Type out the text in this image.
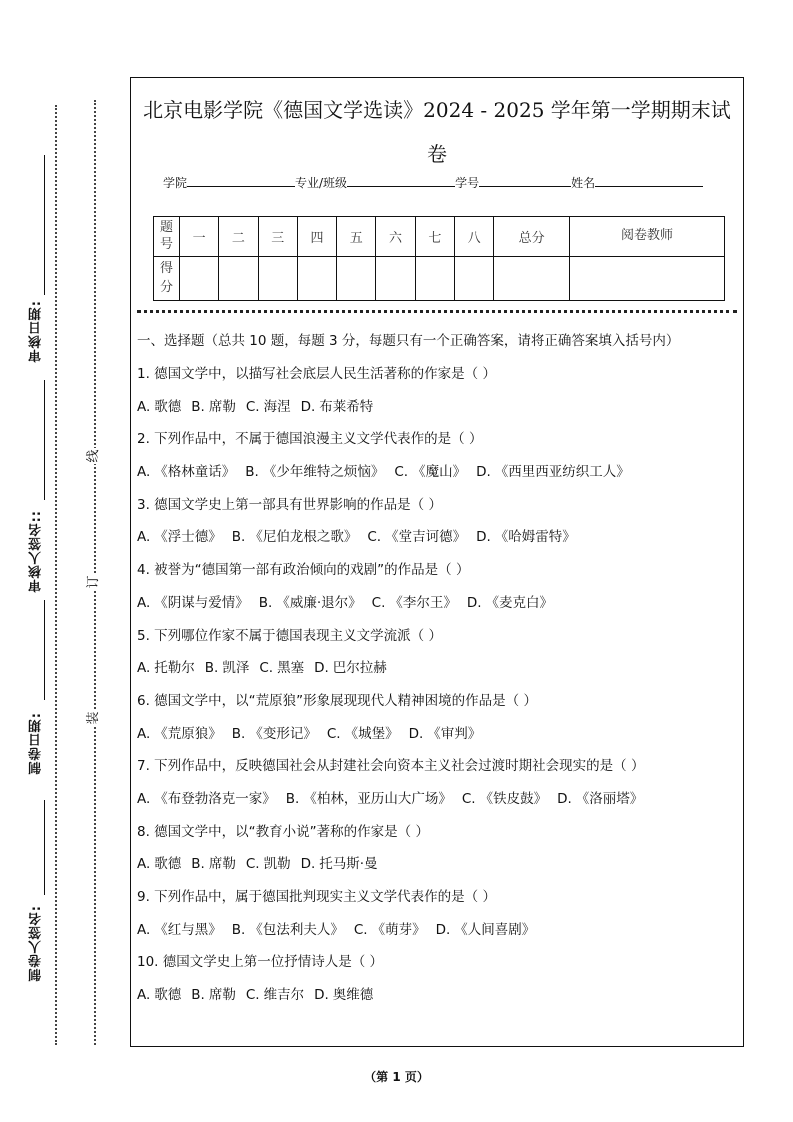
审核日期:
审核人签名::
制卷日期:
制卷人签名:
线
订
装
北京电影学院《德国文学选读》2024 - 2025 学年第一学期期末试卷
学院	专业/班级	学号	姓名
题号	一	二	三	四	五	六	七	八	总分	阅卷教师
得分										
一、选择题（总共 10 题，每题 3 分，每题只有一个正确答案，请将正确答案填入括号内）
1. 德国文学中，以描写社会底层人民生活著称的作家是（ ）
A. 歌德 B. 席勒 C. 海涅 D. 布莱希特
2. 下列作品中，不属于德国浪漫主义文学代表作的是（ ）
A. 《格林童话》 B. 《少年维特之烦恼》 C. 《魔山》 D. 《西里西亚纺织工人》
3. 德国文学史上第一部具有世界影响的作品是（ ）
A. 《浮士德》 B. 《尼伯龙根之歌》 C. 《堂吉诃德》 D. 《哈姆雷特》
4. 被誉为“德国第一部有政治倾向的戏剧”的作品是（ ）
A. 《阴谋与爱情》 B. 《威廉·退尔》 C. 《李尔王》 D. 《麦克白》
5. 下列哪位作家不属于德国表现主义文学流派（ ）
A. 托勒尔 B. 凯泽 C. 黑塞 D. 巴尔拉赫
6. 德国文学中，以“荒原狼”形象展现现代人精神困境的作品是（ ）
A. 《荒原狼》 B. 《变形记》 C. 《城堡》 D. 《审判》
7. 下列作品中，反映德国社会从封建社会向资本主义社会过渡时期社会现实的是（ ）
A. 《布登勃洛克一家》 B. 《柏林，亚历山大广场》 C. 《铁皮鼓》 D. 《洛丽塔》
8. 德国文学中，以“教育小说”著称的作家是（ ）
A. 歌德 B. 席勒 C. 凯勒 D. 托马斯·曼
9. 下列作品中，属于德国批判现实主义文学代表作的是（ ）
A. 《红与黑》 B. 《包法利夫人》 C. 《萌芽》 D. 《人间喜剧》
10. 德国文学史上第一位抒情诗人是（ ）
A. 歌德 B. 席勒 C. 维吉尔 D. 奥维德
（第 1 页）
